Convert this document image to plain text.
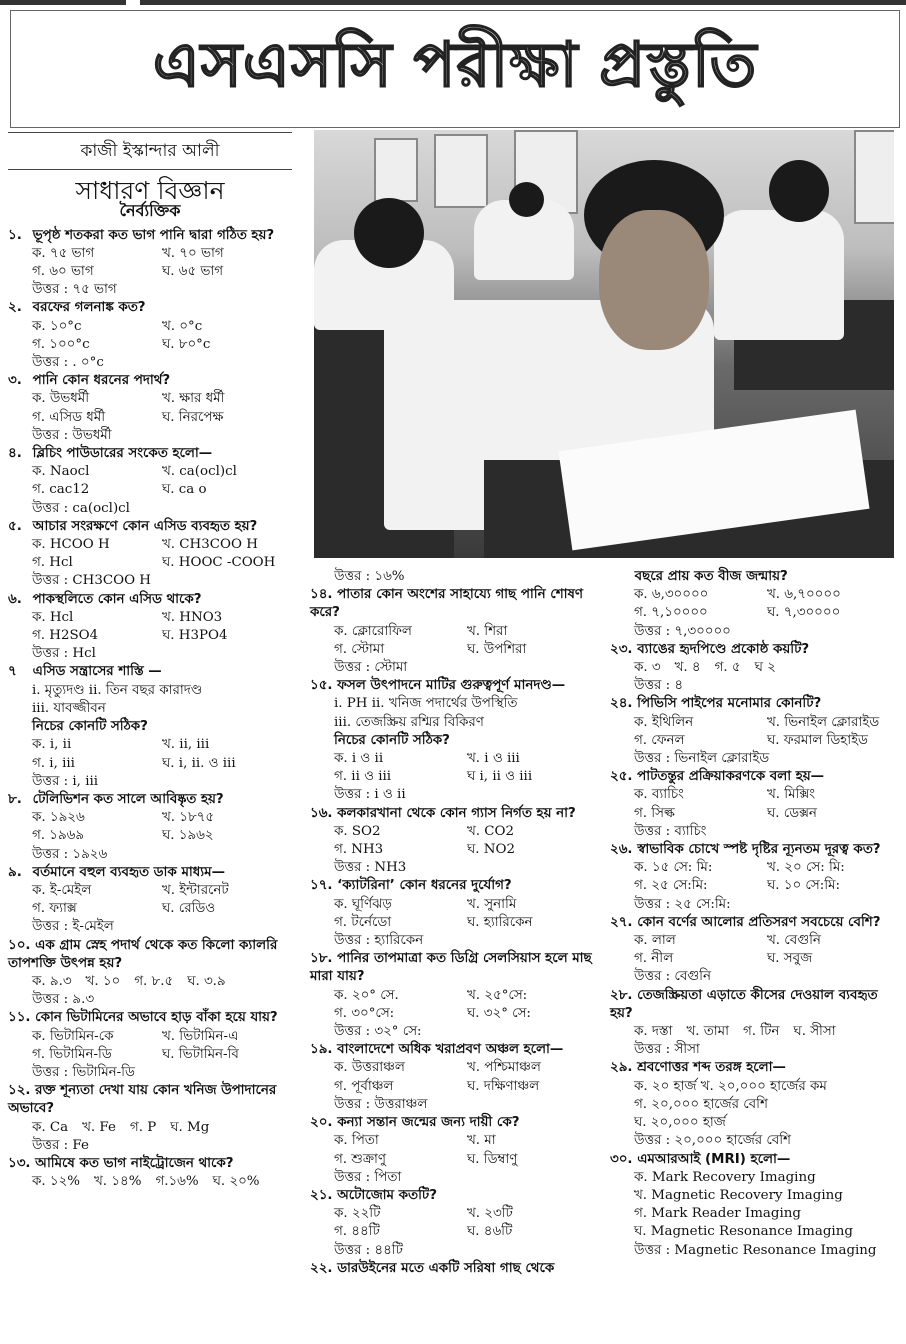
এসএসসি পরীক্ষা প্রস্তুতি
কাজী ইস্কান্দার আলী
সাধারণ বিজ্ঞান
নৈর্ব্যক্তিক
১. ভূপৃষ্ঠ শতকরা কত ভাগ পানি দ্বারা গঠিত হয়?
ক. ৭৫ ভাগ	খ. ৭০ ভাগ
গ. ৬০ ভাগ	ঘ. ৬৫ ভাগ
উত্তর : ৭৫ ভাগ
২. বরফের গলনাঙ্ক কত?
ক. ১০°c	খ. ০°c
গ. ১০০°c	ঘ. ৮০°c
উত্তর : . ০°c
৩. পানি কোন ধরনের পদার্থ?
ক. উভধর্মী	খ. ক্ষার ধর্মী
গ. এসিড ধর্মী	ঘ. নিরপেক্ষ
উত্তর : উভধর্মী
৪. ব্লিচিং পাউডারের সংকেত হলো—
ক. Naocl	খ. ca(ocl)cl
গ. cac12	ঘ. ca o
উত্তর : ca(ocl)cl
৫. আচার সংরক্ষণে কোন এসিড ব্যবহৃত হয়?
ক. HCOO H	খ. CH3COO H
গ. Hcl	ঘ. HOOC -COOH
উত্তর : CH3COO H
৬. পাকস্থলিতে কোন এসিড থাকে?
ক. Hcl	খ. HNO3
গ. H2SO4	ঘ. H3PO4
উত্তর : Hcl
৭ এসিড সন্ত্রাসের শাস্তি —
i. মৃত্যুদণ্ড ii. তিন বছর কারাদণ্ড
iii. যাবজ্জীবন
নিচের কোনটি সঠিক?
ক. i, ii	খ. ii, iii
গ. i, iii	ঘ. i, ii. ও iii
উত্তর : i, iii
৮. টেলিভিশন কত সালে আবিষ্কৃত হয়?
ক. ১৯২৬	খ. ১৮৭৫
গ. ১৯৬৯	ঘ. ১৯৬২
উত্তর : ১৯২৬
৯. বর্তমানে বহুল ব্যবহৃত ডাক মাধ্যম—
ক. ই-মেইল	খ. ইন্টারনেট
গ. ফ্যাক্স	ঘ. রেডিও
উত্তর : ই-মেইল
১০. এক গ্রাম স্নেহ পদার্থ থেকে কত কিলো ক্যালরি তাপশক্তি উৎপন্ন হয়?
ক. ৯.৩ খ. ১০ গ. ৮.৫ ঘ. ৩.৯
উত্তর : ৯.৩
১১. কোন ভিটামিনের অভাবে হাড় বাঁকা হয়ে যায়?
ক. ভিটামিন-কে	খ. ভিটামিন-এ
গ. ভিটামিন-ডি	ঘ. ভিটামিন-বি
উত্তর : ভিটামিন-ডি
১২. রক্ত শূন্যতা দেখা যায় কোন খনিজ উপাদানের অভাবে?
ক. Ca খ. Fe গ. P ঘ. Mg
উত্তর : Fe
১৩. আমিষে কত ভাগ নাইট্রোজেন থাকে?
ক. ১২% খ. ১৪% গ.১৬% ঘ. ২০%
উত্তর : ১৬%
১৪. পাতার কোন অংশের সাহায্যে গাছ পানি শোষণ করে?
ক. ক্লোরোফিল	খ. শিরা
গ. স্টোমা	ঘ. উপশিরা
উত্তর : স্টোমা
১৫. ফসল উৎপাদনে মাটির গুরুত্বপূর্ণ মানদণ্ড—
i. PH ii. খনিজ পদার্থের উপস্থিতি
iii. তেজস্ক্রিয় রশ্মির বিকিরণ
নিচের কোনটি সঠিক?
ক. i ও ii	খ. i ও iii
গ. ii ও iii	ঘ i, ii ও iii
উত্তর : i ও ii
১৬. কলকারখানা থেকে কোন গ্যাস নির্গত হয় না?
ক. SO2	খ. CO2
গ. NH3	ঘ. NO2
উত্তর : NH3
১৭. ‘ক্যাটরিনা’ কোন ধরনের দুর্যোগ?
ক. ঘূর্ণিঝড়	খ. সুনামি
গ. টর্নেডো	ঘ. হ্যারিকেন
উত্তর : হ্যারিকেন
১৮. পানির তাপমাত্রা কত ডিগ্রি সেলসিয়াস হলে মাছ মারা যায়?
ক. ২০° সে.	খ. ২৫°সে:
গ. ৩০°সে:	ঘ. ৩২° সে:
উত্তর : ৩২° সে:
১৯. বাংলাদেশে অধিক খরাপ্রবণ অঞ্চল হলো—
ক. উত্তরাঞ্চল	খ. পশ্চিমাঞ্চল
গ. পূর্বাঞ্চল	ঘ. দক্ষিণাঞ্চল
উত্তর : উত্তরাঞ্চল
২০. কন্যা সন্তান জন্মের জন্য দায়ী কে?
ক. পিতা	খ. মা
গ. শুক্রাণু	ঘ. ডিম্বাণু
উত্তর : পিতা
২১. অটোজোম কতটি?
ক. ২২টি	খ. ২৩টি
গ. ৪৪টি	ঘ. ৪৬টি
উত্তর : ৪৪টি
২২. ডারউইনের মতে একটি সরিষা গাছ থেকে
বছরে প্রায় কত বীজ জন্মায়?
ক. ৬,৩০০০০	খ. ৬,৭০০০০
গ. ৭,১০০০০	ঘ. ৭,৩০০০০
উত্তর : ৭,৩০০০০
২৩. ব্যাঙের হৃদপিণ্ডে প্রকোষ্ঠ কয়টি?
ক. ৩ খ. ৪ গ. ৫ ঘ ২
উত্তর : ৪
২৪. পিভিসি পাইপের মনোমার কোনটি?
ক. ইথিলিন	খ. ভিনাইল ক্লোরাইড
গ. ফেনল	ঘ. ফরমাল ডিহাইড
উত্তর : ভিনাইল ক্লোরাইড
২৫. পাটতন্তুর প্রক্রিয়াকরণকে বলা হয়—
ক. ব্যাচিং	খ. মিক্সিং
গ. সিল্ক	ঘ. ডেক্সন
উত্তর : ব্যাচিং
২৬. স্বাভাবিক চোখে স্পষ্ট দৃষ্টির ন্যূনতম দূরত্ব কত?
ক. ১৫ সে: মি:	খ. ২০ সে: মি:
গ. ২৫ সে:মি:	ঘ. ১০ সে:মি:
উত্তর : ২৫ সে:মি:
২৭. কোন বর্ণের আলোর প্রতিসরণ সবচেয়ে বেশি?
ক. লাল	খ. বেগুনি
গ. নীল	ঘ. সবুজ
উত্তর : বেগুনি
২৮. তেজস্ক্রিয়তা এড়াতে কীসের দেওয়াল ব্যবহৃত হয়?
ক. দস্তা খ. তামা গ. টিন ঘ. সীসা
উত্তর : সীসা
২৯. শ্রবণোত্তর শব্দ তরঙ্গ হলো—
ক. ২০ হার্জ খ. ২০,০০০ হার্জের কম
গ. ২০,০০০ হার্জের বেশি
ঘ. ২০,০০০ হার্জ
উত্তর : ২০,০০০ হার্জের বেশি
৩০. এমআরআই (MRI) হলো—
ক. Mark Recovery Imaging
খ. Magnetic Recovery Imaging
গ. Mark Reader Imaging
ঘ. Magnetic Resonance Imaging
উত্তর : Magnetic Resonance Imaging
